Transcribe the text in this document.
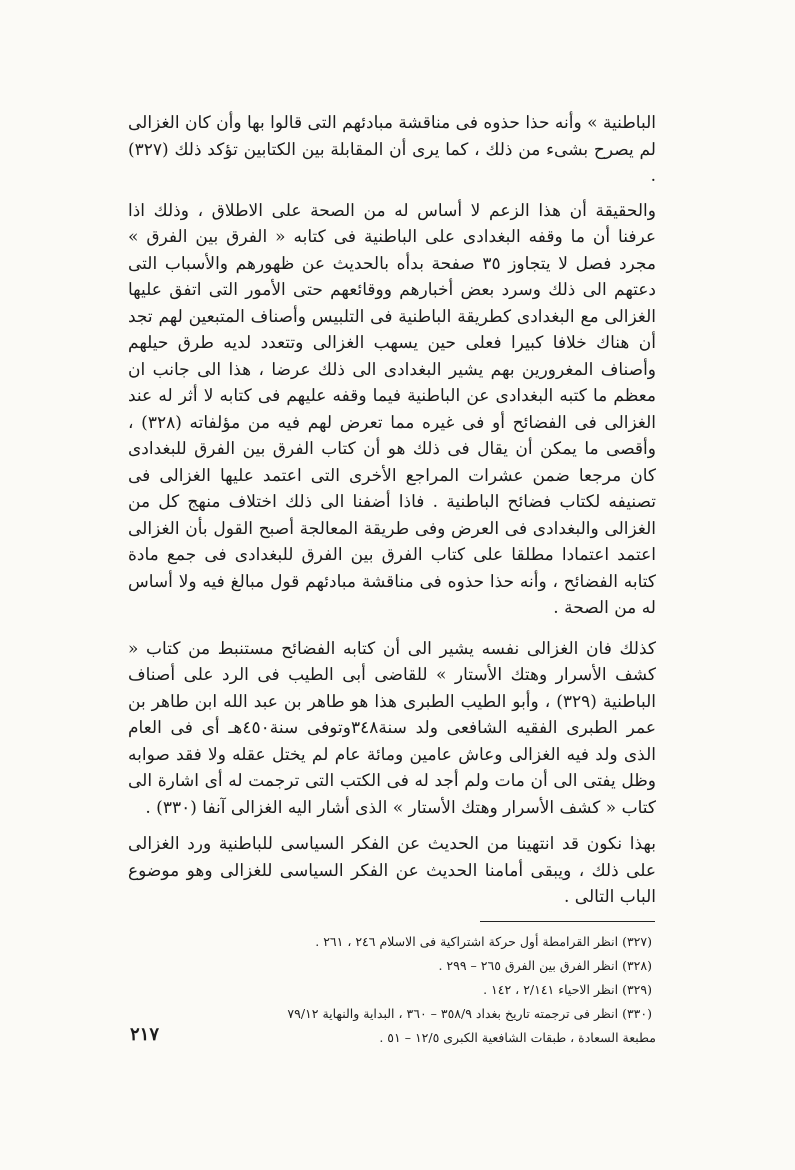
الباطنية » وأنه حذا حذوه فى مناقشة مبادئهم التى قالوا بها وأن كان الغزالى لم يصرح بشىء من ذلك ، كما يرى أن المقابلة بين الكتابين تؤكد ذلك (٣٢٧) .

والحقيقة أن هذا الزعم لا أساس له من الصحة على الاطلاق ، وذلك اذا عرفنا أن ما وقفه البغدادى على الباطنية فى كتابه « الفرق بين الفرق » مجرد فصل لا يتجاوز ٣٥ صفحة بدأه بالحديث عن ظهورهم والأسباب التى دعتهم الى ذلك وسرد بعض أخبارهم ووقائعهم حتى الأمور التى اتفق عليها الغزالى مع البغدادى كطريقة الباطنية فى التلبيس وأصناف المتبعين لهم تجد أن هناك خلافا كبيرا فعلى حين يسهب الغزالى وتتعدد لديه طرق حيلهم وأصناف المغرورين بهم يشير البغدادى الى ذلك عرضا ، هذا الى جانب ان معظم ما كتبه البغدادى عن الباطنية فيما وقفه عليهم فى كتابه لا أثر له عند الغزالى فى الفضائح أو فى غيره مما تعرض لهم فيه من مؤلفاته (٣٢٨) ، وأقصى ما يمكن أن يقال فى ذلك هو أن كتاب الفرق بين الفرق للبغدادى كان مرجعا ضمن عشرات المراجع الأخرى التى اعتمد عليها الغزالى فى تصنيفه لكتاب فضائح الباطنية . فاذا أضفنا الى ذلك اختلاف منهج كل من الغزالى والبغدادى فى العرض وفى طريقة المعالجة أصبح القول بأن الغزالى اعتمد اعتمادا مطلقا على كتاب الفرق بين الفرق للبغدادى فى جمع مادة كتابه الفضائح ، وأنه حذا حذوه فى مناقشة مبادئهم قول مبالغ فيه ولا أساس له من الصحة .

كذلك فان الغزالى نفسه يشير الى أن كتابه الفضائح مستنبط من كتاب « كشف الأسرار وهتك الأستار » للقاضى أبى الطيب فى الرد على أصناف الباطنية (٣٢٩) ، وأبو الطيب الطبرى هذا هو طاهر بن عبد الله ابن طاهر بن عمر الطبرى الفقيه الشافعى ولد سنة٣٤٨وتوفى سنة٤٥٠هـ أى فى العام الذى ولد فيه الغزالى وعاش عامين ومائة عام لم يختل عقله ولا فقد صوابه وظل يفتى الى أن مات ولم أجد له فى الكتب التى ترجمت له أى اشارة الى كتاب « كشف الأسرار وهتك الأستار » الذى أشار اليه الغزالى آنفا (٣٣٠) .

بهذا نكون قد انتهينا من الحديث عن الفكر السياسى للباطنية ورد الغزالى على ذلك ، ويبقى أمامنا الحديث عن الفكر السياسى للغزالى وهو موضوع الباب التالى .

(٣٢٧) انظر القرامطة أول حركة اشتراكية فى الاسلام ٢٤٦ ، ٢٦١ .
(٣٢٨) انظر الفرق بين الفرق ٢٦٥ – ٢٩٩ .
(٣٢٩) انظر الاحياء ٢/١٤١ ، ١٤٢ .
(٣٣٠) انظر فى ترجمته تاريخ بغداد ٣٥٨/٩ – ٣٦٠ ، البداية والنهاية ٧٩/١٢
مطبعة السعادة ، طبقات الشافعية الكبرى ١٢/٥ – ٥١ .
٢١٧
